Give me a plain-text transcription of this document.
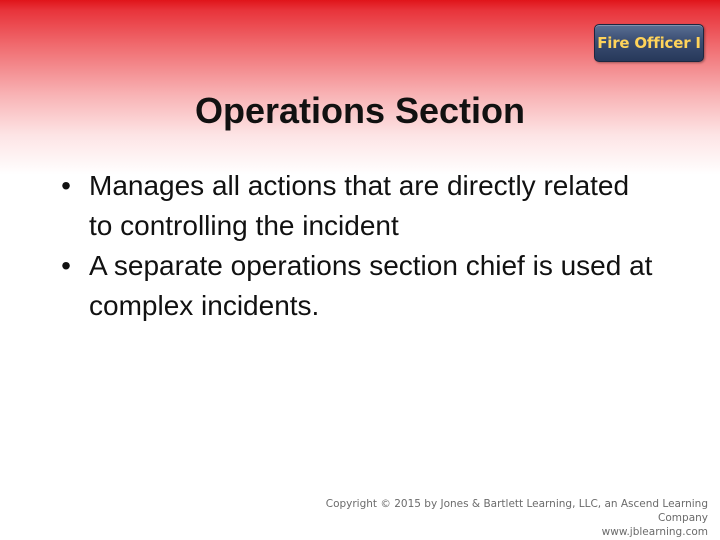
Fire Officer I
Operations Section
• Manages all actions that are directly related to controlling the incident
• A separate operations section chief is used at complex incidents.
Copyright © 2015 by Jones & Bartlett Learning, LLC, an Ascend Learning Company
www.jblearning.com
